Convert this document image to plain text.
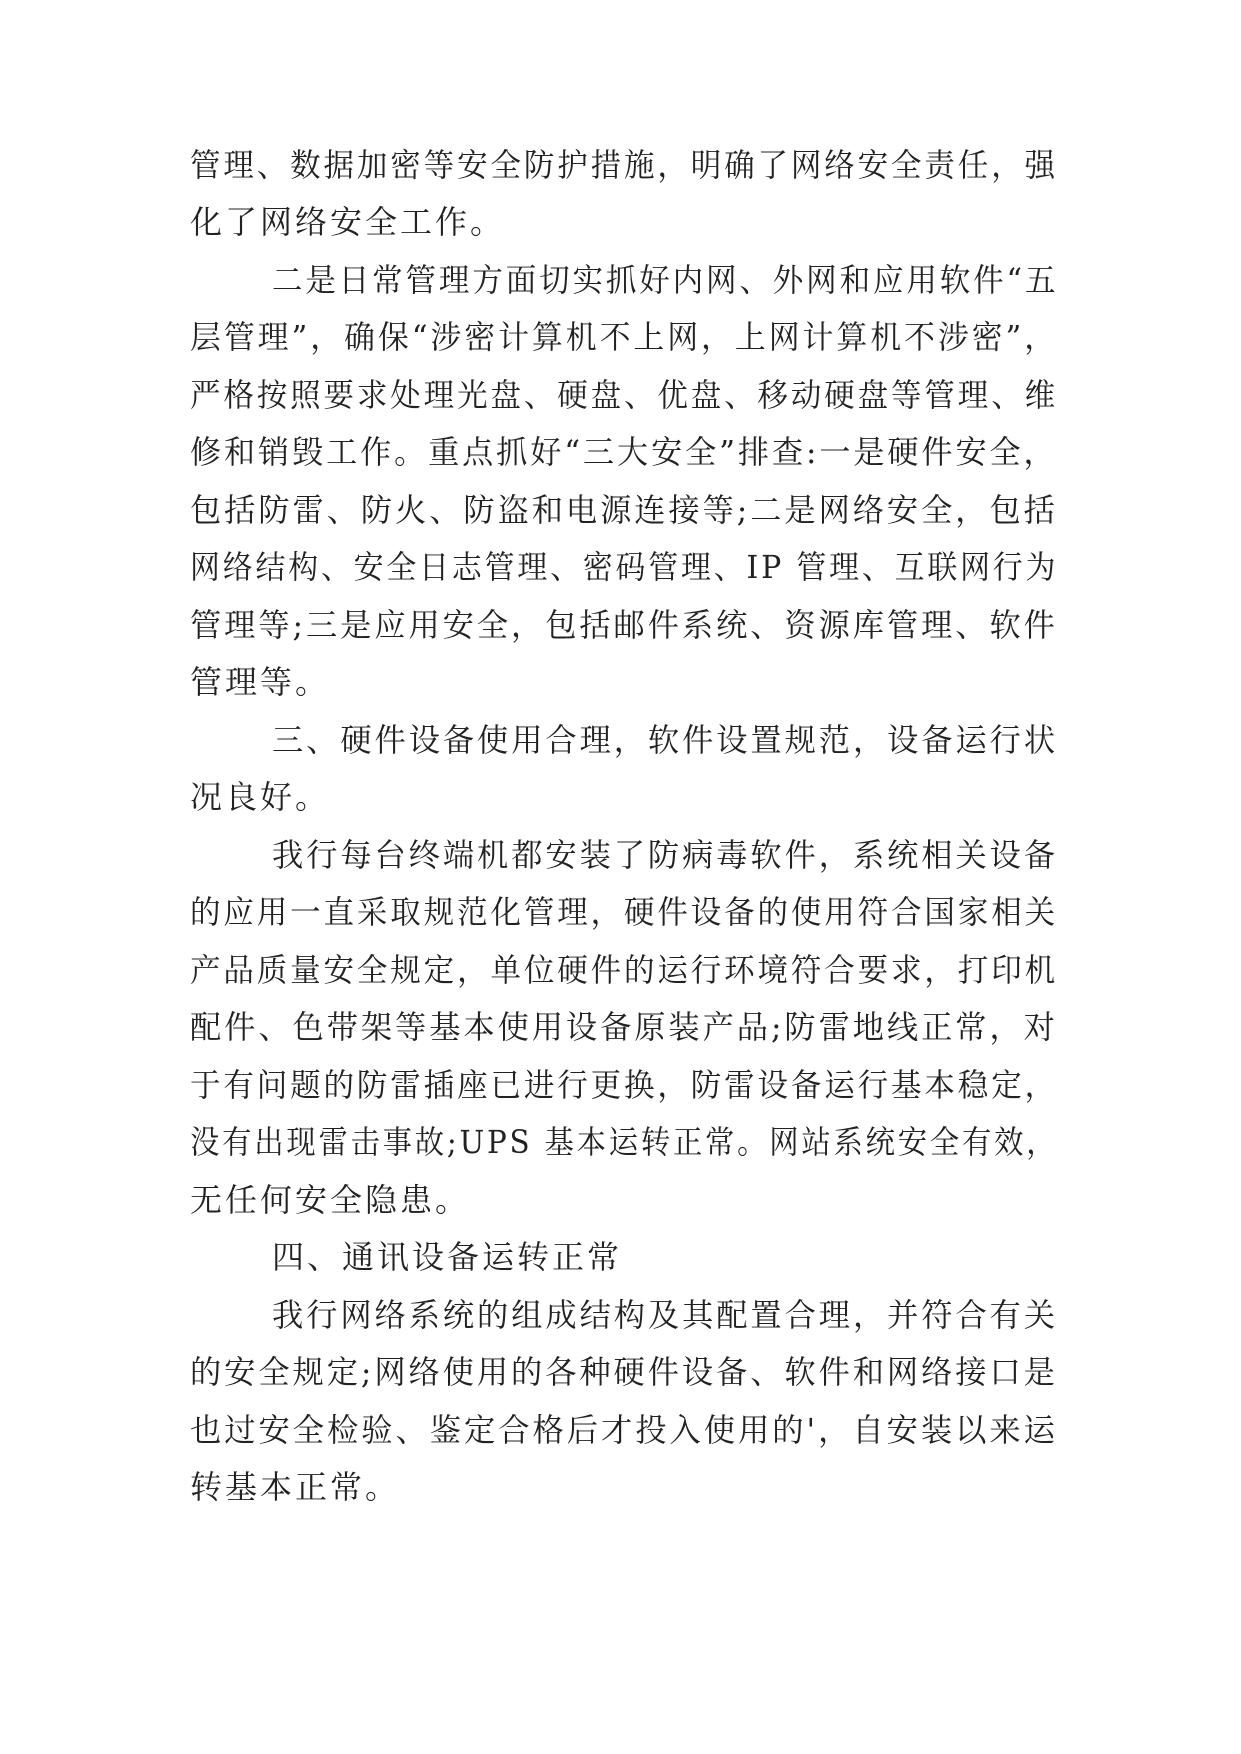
管理、数据加密等安全防护措施，明确了网络安全责任，强
化了网络安全工作。
二是日常管理方面切实抓好内网、外网和应用软件“五
层管理”，确保“涉密计算机不上网，上网计算机不涉密”，
严格按照要求处理光盘、硬盘、优盘、移动硬盘等管理、维
修和销毁工作。重点抓好“三大安全”排查:一是硬件安全，
包括防雷、防火、防盗和电源连接等;二是网络安全，包括
网络结构、安全日志管理、密码管理、IP 管理、互联网行为
管理等;三是应用安全，包括邮件系统、资源库管理、软件
管理等。
三、硬件设备使用合理，软件设置规范，设备运行状
况良好。
我行每台终端机都安装了防病毒软件，系统相关设备
的应用一直采取规范化管理，硬件设备的使用符合国家相关
产品质量安全规定，单位硬件的运行环境符合要求，打印机
配件、色带架等基本使用设备原装产品;防雷地线正常，对
于有问题的防雷插座已进行更换，防雷设备运行基本稳定，
没有出现雷击事故;UPS 基本运转正常。网站系统安全有效，
无任何安全隐患。
四、通讯设备运转正常
我行网络系统的组成结构及其配置合理，并符合有关
的安全规定;网络使用的各种硬件设备、软件和网络接口是
也过安全检验、鉴定合格后才投入使用的'，自安装以来运
转基本正常。
